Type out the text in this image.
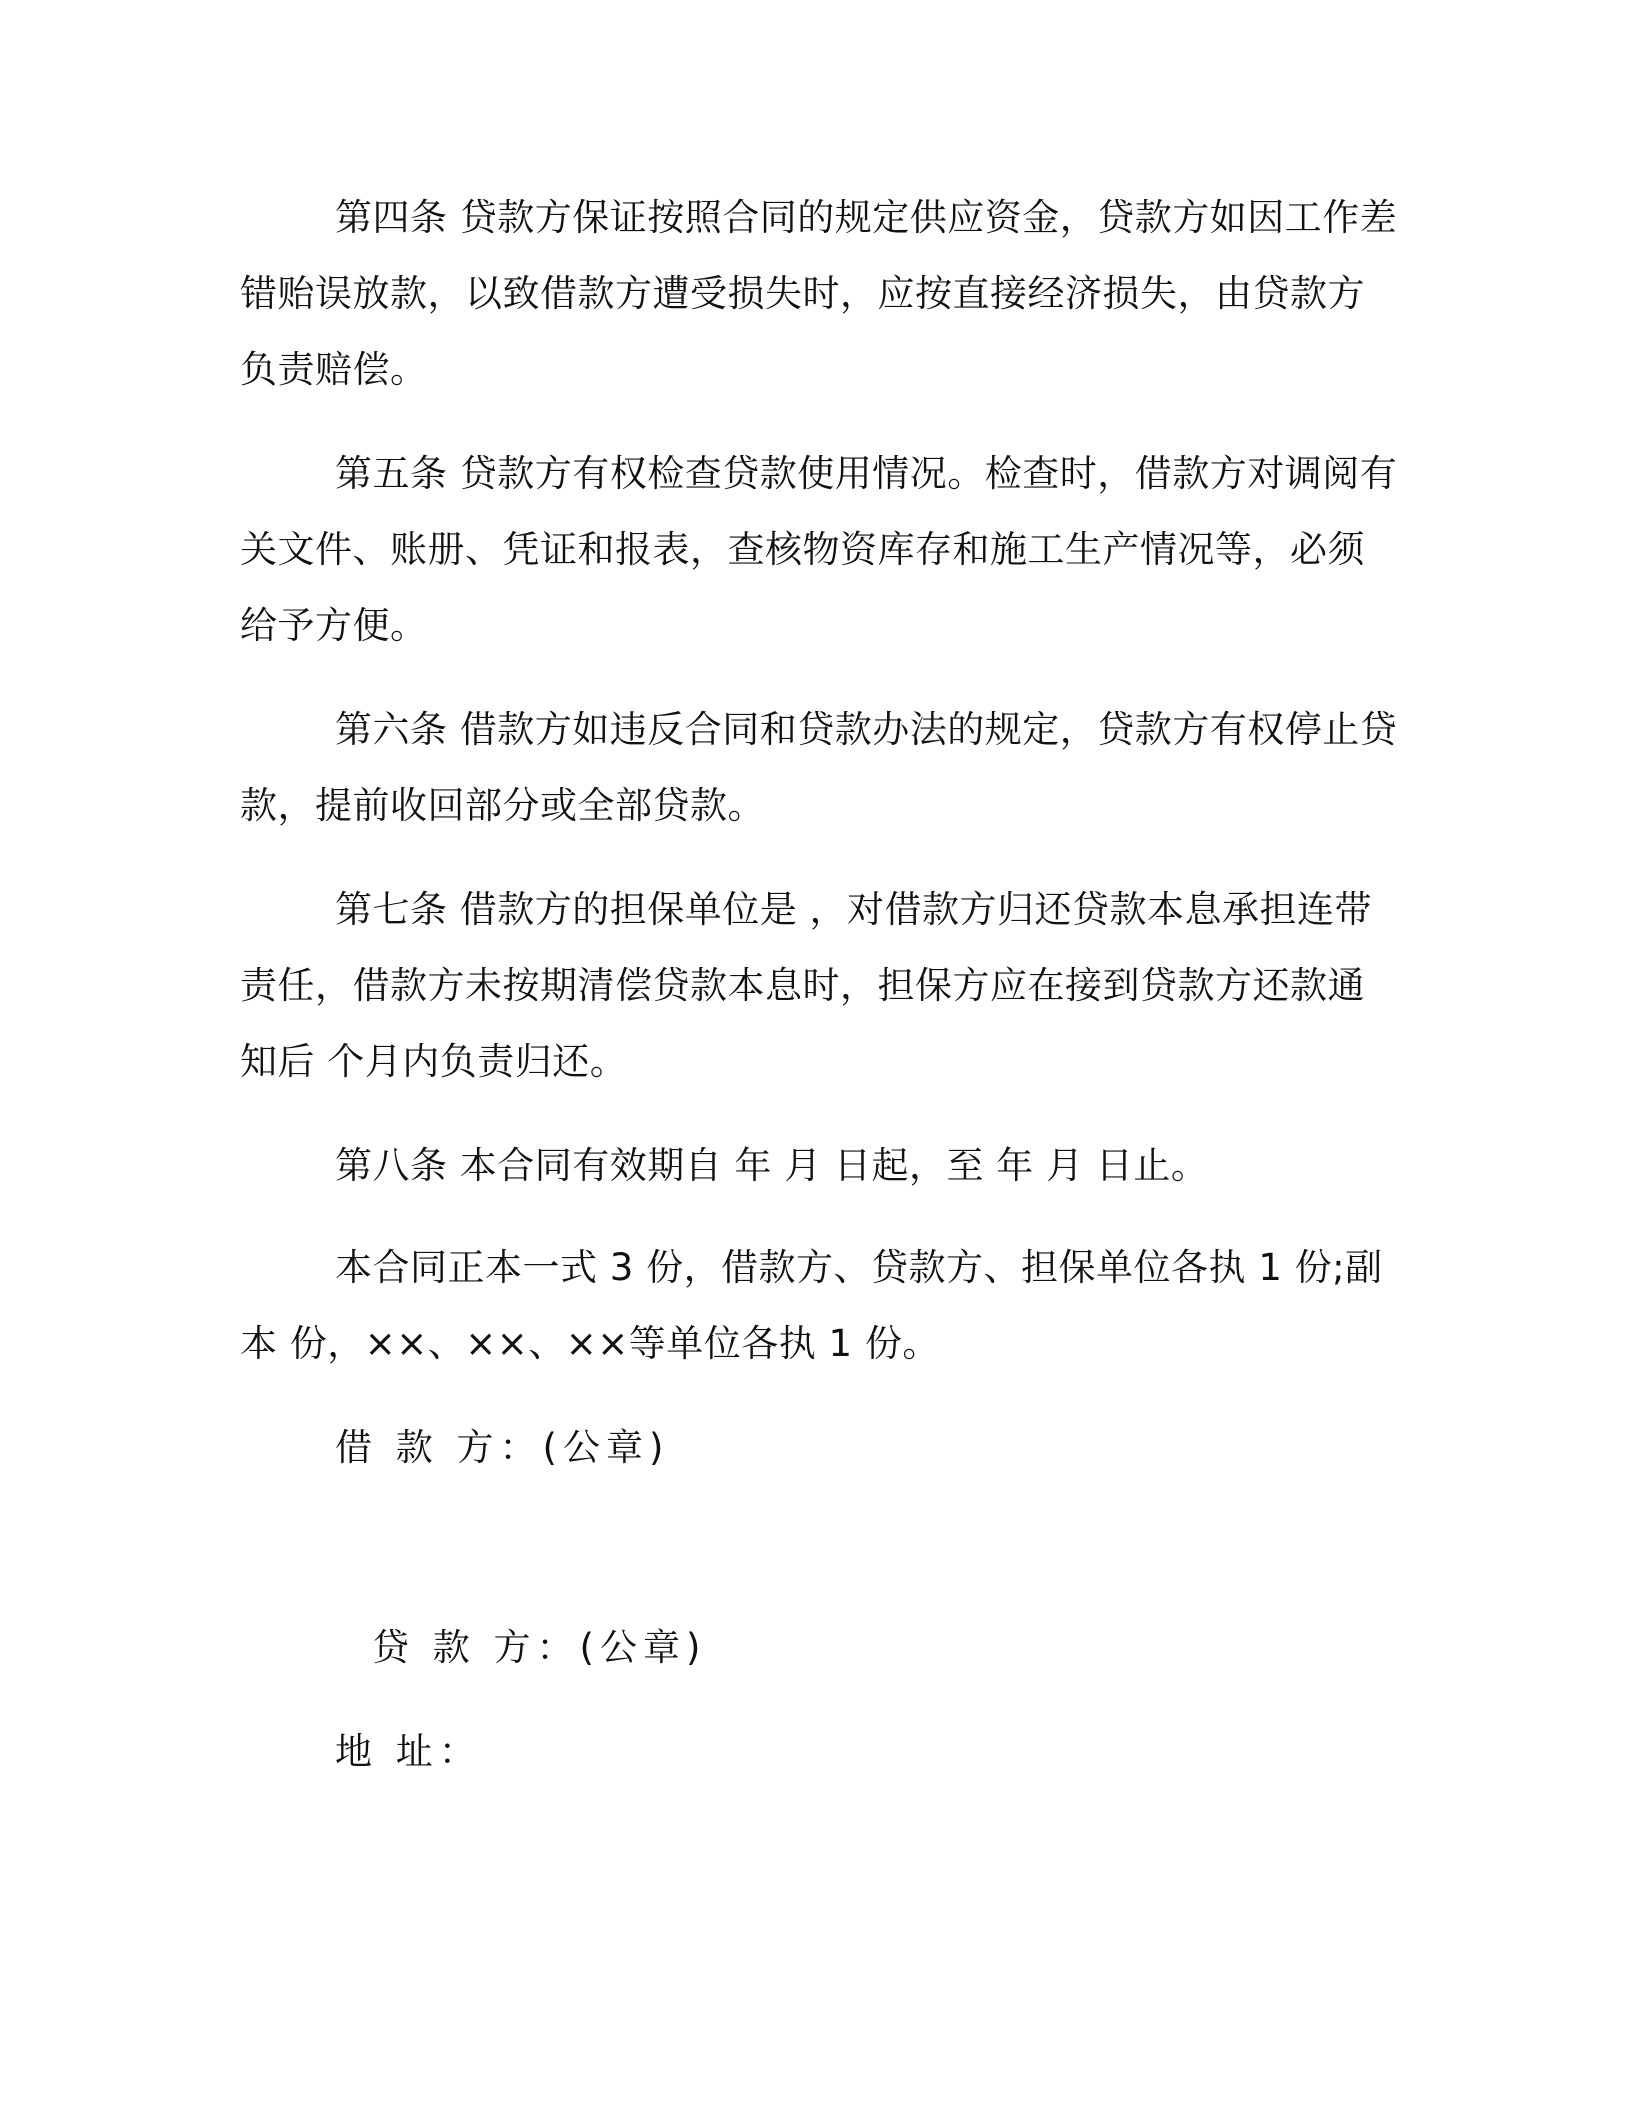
第四条 贷款方保证按照合同的规定供应资金，贷款方如因工作差
错贻误放款，以致借款方遭受损失时，应按直接经济损失，由贷款方
负责赔偿。
第五条 贷款方有权检查贷款使用情况。检查时，借款方对调阅有
关文件、账册、凭证和报表，查核物资库存和施工生产情况等，必须
给予方便。
第六条 借款方如违反合同和贷款办法的规定，贷款方有权停止贷
款，提前收回部分或全部贷款。
第七条 借款方的担保单位是 ，对借款方归还贷款本息承担连带
责任，借款方未按期清偿贷款本息时，担保方应在接到贷款方还款通
知后 个月内负责归还。
第八条 本合同有效期自 年 月 日起，至 年 月 日止。
本合同正本一式 3 份，借款方、贷款方、担保单位各执 1 份;副
本 份，××、××、××等单位各执 1 份。
借 款 方：(公章)
贷 款 方：(公章)
地 址：
